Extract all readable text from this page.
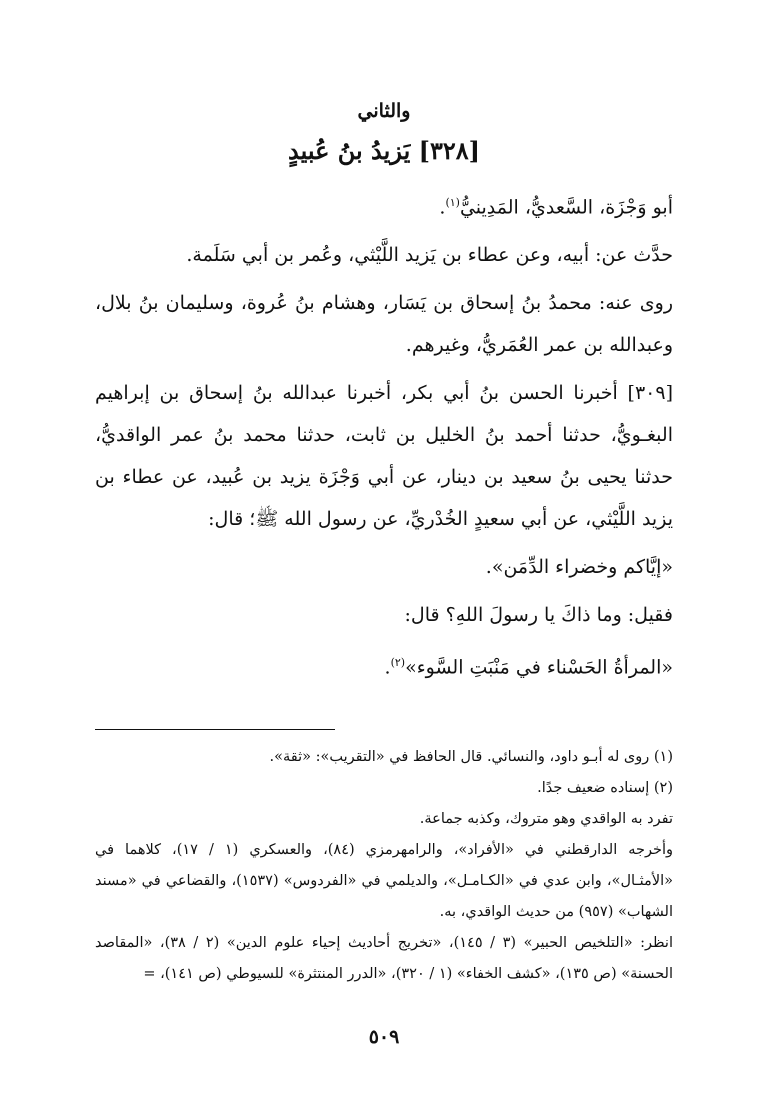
والثاني
[٣٢٨] يَزيدُ بنُ عُبيدٍ

أبو وَجْزَة، السَّعديُّ، المَدِينيُّ$^{(١)}$.

حدَّث عن: أبيه، وعن عطاء بن يَزيد اللَّيْثي، وعُمر بن أبي سَلَمة.

روى عنه: محمدُ بنُ إسحاق بن يَسَار، وهشام بنُ عُروة، وسليمان بنُ بلال، وعبدالله بن عمر العُمَريُّ، وغيرهم.

[٣٠٩] أخبرنا الحسن بنُ أبي بكر، أخبرنا عبدالله بنُ إسحاق بن إبراهيم البغـويُّ، حدثنا أحمد بنُ الخليل بن ثابت، حدثنا محمد بنُ عمر الواقديُّ، حدثنا يحيى بنُ سعيد بن دينار، عن أبي وَجْزَة يزيد بن عُبيد، عن عطاء بن يزيد اللَّيْثي، عن أبي سعيدٍ الخُدْريِّ، عن رسول الله ﷺ؛ قال:

«إيَّاكم وخضراء الدِّمَن».

فقيل: وما ذاكَ يا رسولَ اللهِ؟ قال:

«المرأةُ الحَسْناء في مَنْبَتِ السَّوء»$^{(٢)}$.

(١) روى له أبـو داود، والنسائي. قال الحافظ في «التقريب»: «ثقة».

(٢) إسناده ضعيف جدًا.

تفرد به الواقدي وهو متروك، وكذبه جماعة.

وأخرجه الدارقطني في «الأفراد»، والرامهرمزي (٨٤)، والعسكري (١ / ١٧)، كلاهما في «الأمثـال»، وابن عدي في «الكـامـل»، والديلمي في «الفردوس» (١٥٣٧)، والقضاعي في «مسند الشهاب» (٩٥٧) من حديث الواقدي، به.

انظر: «التلخيص الحبير» (٣ / ١٤٥)، «تخريج أحاديث إحياء علوم الدين» (٢ / ٣٨)، «المقاصد الحسنة» (ص ١٣٥)، «كشف الخفاء» (١ / ٣٢٠)، «الدرر المنتثرة» للسيوطي (ص ١٤١)، =

٥٠٩
